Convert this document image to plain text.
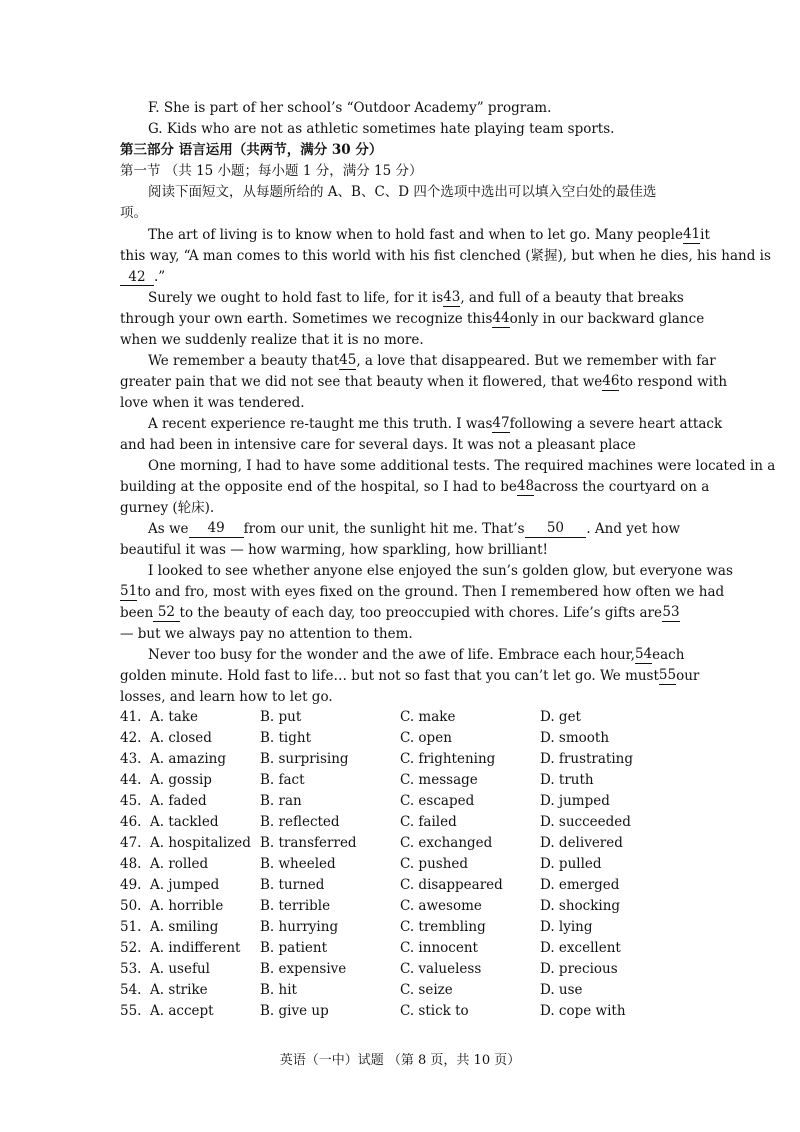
F. She is part of her school’s “Outdoor Academy” program.
G. Kids who are not as athletic sometimes hate playing team sports.
第三部分 语言运用（共两节，满分 30 分）
第一节 （共 15 小题；每小题 1 分，满分 15 分）
阅读下面短文，从每题所给的 A、B、C、D 四个选项中选出可以填入空白处的最佳选
项。
The art of living is to know when to hold fast and when to let go. Many people 41 it
this way, “A man comes to this world with his fist clenched (紧握), but when he dies, his hand is
42 .”
Surely we ought to hold fast to life, for it is 43 , and full of a beauty that breaks
through your own earth. Sometimes we recognize this 44 only in our backward glance
when we suddenly realize that it is no more.
We remember a beauty that 45 , a love that disappeared. But we remember with far
greater pain that we did not see that beauty when it flowered, that we 46 to respond with
love when it was tendered.
A recent experience re-taught me this truth. I was 47 following a severe heart attack
and had been in intensive care for several days. It was not a pleasant place
One morning, I had to have some additional tests. The required machines were located in a
building at the opposite end of the hospital, so I had to be 48 across the courtyard on a
gurney (轮床).
As we	49	from our unit, the sunlight hit me. That’s	50	. And yet how
beautiful it was — how warming, how sparkling, how brilliant!
I looked to see whether anyone else enjoyed the sun’s golden glow, but everyone was
51 to and fro, most with eyes fixed on the ground. Then I remembered how often we had
been 52 to the beauty of each day, too preoccupied with chores. Life’s gifts are 53
— but we always pay no attention to them.
Never too busy for the wonder and the awe of life. Embrace each hour, 54 each
golden minute. Hold fast to life… but not so fast that you can’t let go. We must 55 our
losses, and learn how to let go.
41. A. take	B. put	C. make	D. get
42. A. closed	B. tight	C. open	D. smooth
43. A. amazing	B. surprising	C. frightening	D. frustrating
44. A. gossip	B. fact	C. message	D. truth
45. A. faded	B. ran	C. escaped	D. jumped
46. A. tackled	B. reflected	C. failed	D. succeeded
47. A. hospitalized B. transferred	C. exchanged	D. delivered
48. A. rolled	B. wheeled	C. pushed	D. pulled
49. A. jumped	B. turned	C. disappeared	D. emerged
50. A. horrible	B. terrible	C. awesome	D. shocking
51. A. smiling	B. hurrying	C. trembling	D. lying
52. A. indifferent B. patient	C. innocent	D. excellent
53. A. useful	B. expensive	C. valueless	D. precious
54. A. strike	B. hit	C. seize	D. use
55. A. accept	B. give up	C. stick to	D. cope with
英语（一中）试题 （第 8 页，共 10 页）
